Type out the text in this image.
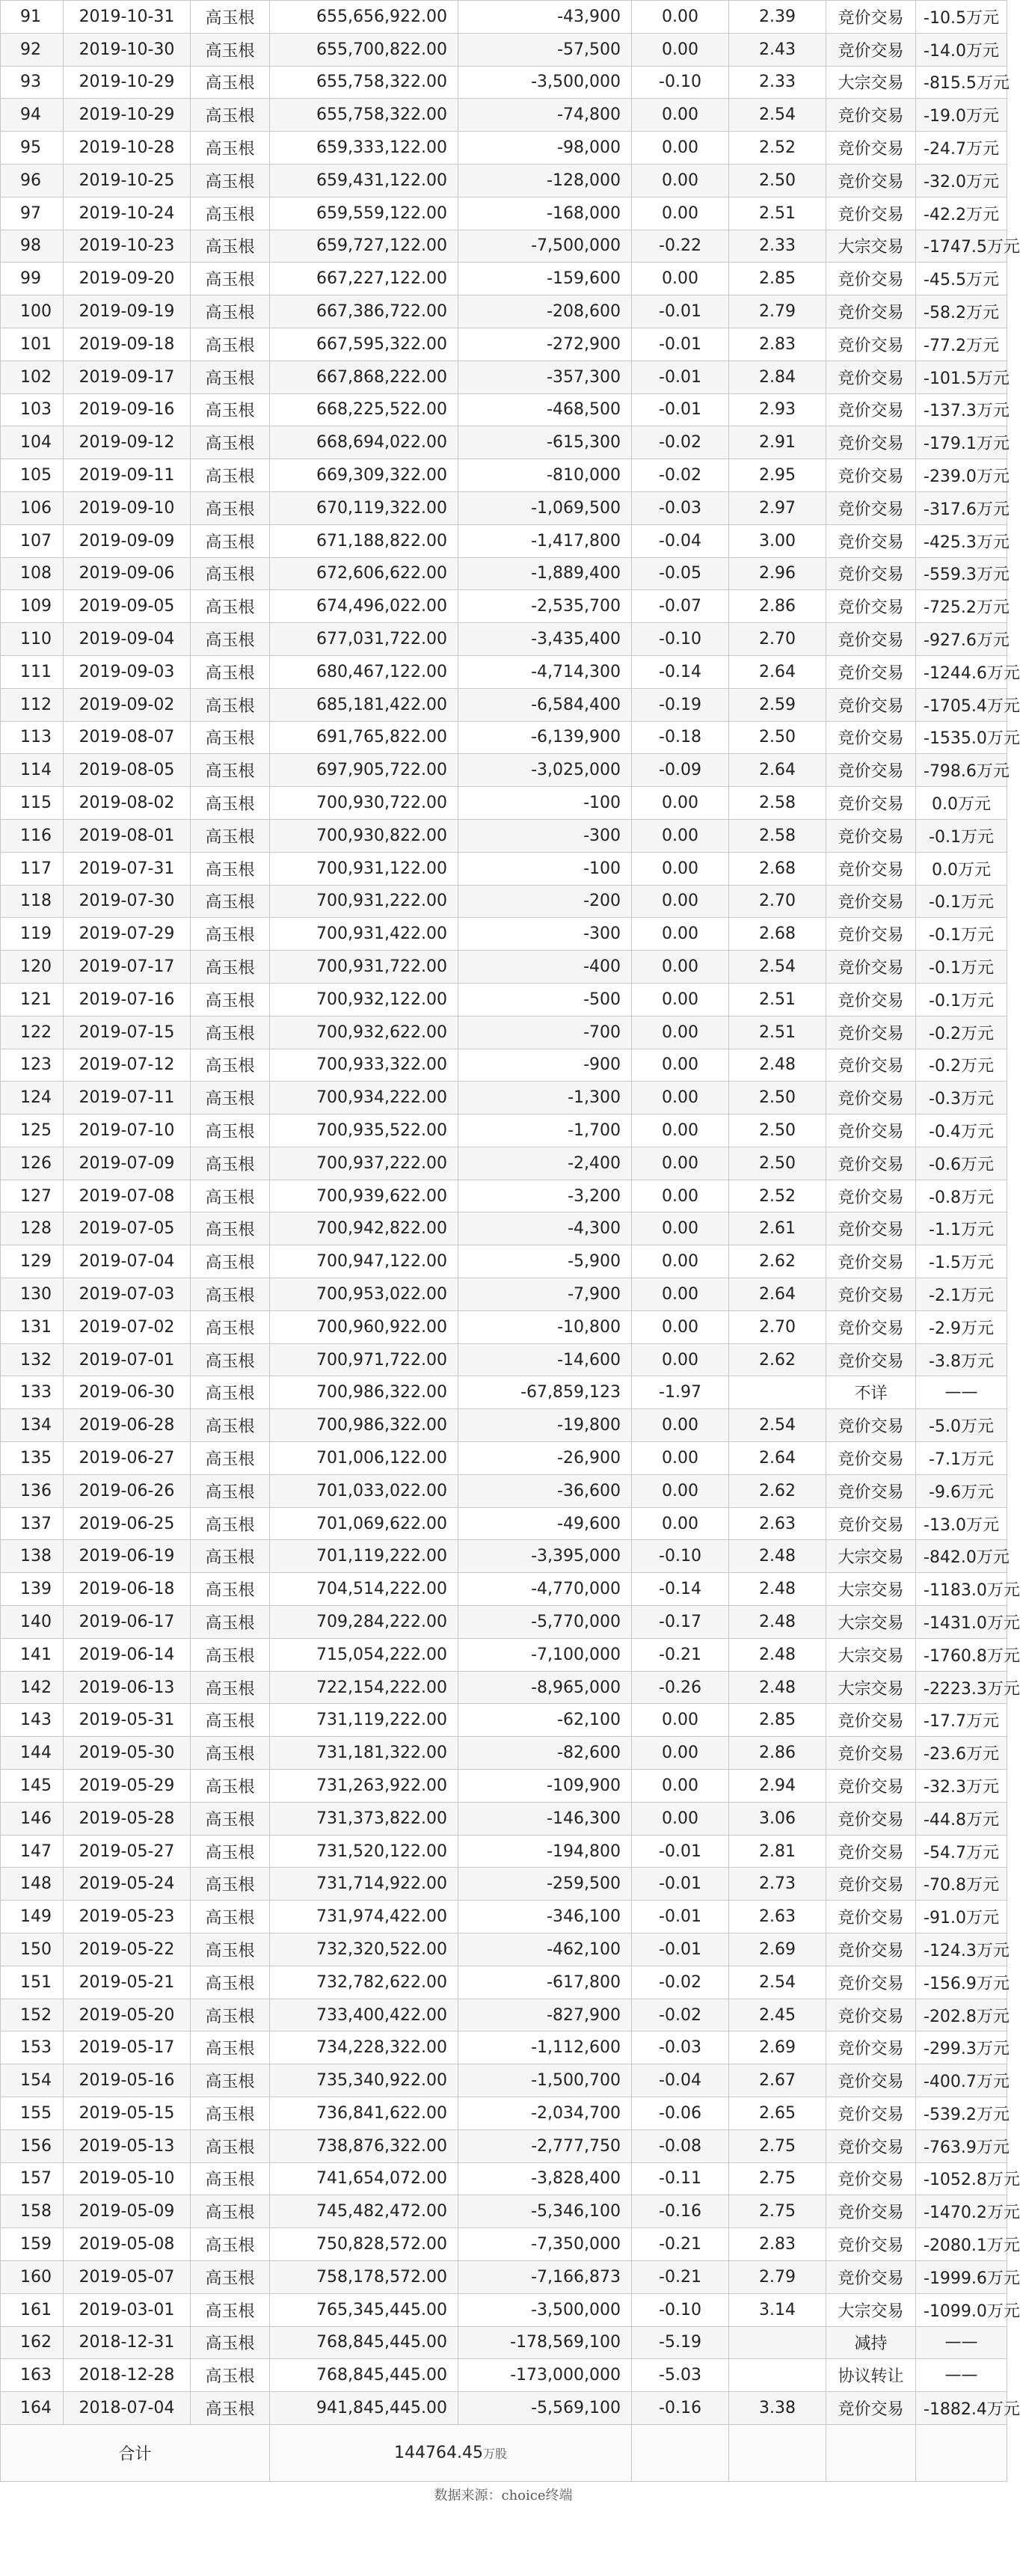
91	2019-10-31	高玉根	655,656,922.00	-43,900	0.00	2.39	竞价交易	-10.5万元
92	2019-10-30	高玉根	655,700,822.00	-57,500	0.00	2.43	竞价交易	-14.0万元
93	2019-10-29	高玉根	655,758,322.00	-3,500,000	-0.10	2.33	大宗交易	-815.5万元
94	2019-10-29	高玉根	655,758,322.00	-74,800	0.00	2.54	竞价交易	-19.0万元
95	2019-10-28	高玉根	659,333,122.00	-98,000	0.00	2.52	竞价交易	-24.7万元
96	2019-10-25	高玉根	659,431,122.00	-128,000	0.00	2.50	竞价交易	-32.0万元
97	2019-10-24	高玉根	659,559,122.00	-168,000	0.00	2.51	竞价交易	-42.2万元
98	2019-10-23	高玉根	659,727,122.00	-7,500,000	-0.22	2.33	大宗交易	-1747.5万元
99	2019-09-20	高玉根	667,227,122.00	-159,600	0.00	2.85	竞价交易	-45.5万元
100	2019-09-19	高玉根	667,386,722.00	-208,600	-0.01	2.79	竞价交易	-58.2万元
101	2019-09-18	高玉根	667,595,322.00	-272,900	-0.01	2.83	竞价交易	-77.2万元
102	2019-09-17	高玉根	667,868,222.00	-357,300	-0.01	2.84	竞价交易	-101.5万元
103	2019-09-16	高玉根	668,225,522.00	-468,500	-0.01	2.93	竞价交易	-137.3万元
104	2019-09-12	高玉根	668,694,022.00	-615,300	-0.02	2.91	竞价交易	-179.1万元
105	2019-09-11	高玉根	669,309,322.00	-810,000	-0.02	2.95	竞价交易	-239.0万元
106	2019-09-10	高玉根	670,119,322.00	-1,069,500	-0.03	2.97	竞价交易	-317.6万元
107	2019-09-09	高玉根	671,188,822.00	-1,417,800	-0.04	3.00	竞价交易	-425.3万元
108	2019-09-06	高玉根	672,606,622.00	-1,889,400	-0.05	2.96	竞价交易	-559.3万元
109	2019-09-05	高玉根	674,496,022.00	-2,535,700	-0.07	2.86	竞价交易	-725.2万元
110	2019-09-04	高玉根	677,031,722.00	-3,435,400	-0.10	2.70	竞价交易	-927.6万元
111	2019-09-03	高玉根	680,467,122.00	-4,714,300	-0.14	2.64	竞价交易	-1244.6万元
112	2019-09-02	高玉根	685,181,422.00	-6,584,400	-0.19	2.59	竞价交易	-1705.4万元
113	2019-08-07	高玉根	691,765,822.00	-6,139,900	-0.18	2.50	竞价交易	-1535.0万元
114	2019-08-05	高玉根	697,905,722.00	-3,025,000	-0.09	2.64	竞价交易	-798.6万元
115	2019-08-02	高玉根	700,930,722.00	-100	0.00	2.58	竞价交易	0.0万元
116	2019-08-01	高玉根	700,930,822.00	-300	0.00	2.58	竞价交易	-0.1万元
117	2019-07-31	高玉根	700,931,122.00	-100	0.00	2.68	竞价交易	0.0万元
118	2019-07-30	高玉根	700,931,222.00	-200	0.00	2.70	竞价交易	-0.1万元
119	2019-07-29	高玉根	700,931,422.00	-300	0.00	2.68	竞价交易	-0.1万元
120	2019-07-17	高玉根	700,931,722.00	-400	0.00	2.54	竞价交易	-0.1万元
121	2019-07-16	高玉根	700,932,122.00	-500	0.00	2.51	竞价交易	-0.1万元
122	2019-07-15	高玉根	700,932,622.00	-700	0.00	2.51	竞价交易	-0.2万元
123	2019-07-12	高玉根	700,933,322.00	-900	0.00	2.48	竞价交易	-0.2万元
124	2019-07-11	高玉根	700,934,222.00	-1,300	0.00	2.50	竞价交易	-0.3万元
125	2019-07-10	高玉根	700,935,522.00	-1,700	0.00	2.50	竞价交易	-0.4万元
126	2019-07-09	高玉根	700,937,222.00	-2,400	0.00	2.50	竞价交易	-0.6万元
127	2019-07-08	高玉根	700,939,622.00	-3,200	0.00	2.52	竞价交易	-0.8万元
128	2019-07-05	高玉根	700,942,822.00	-4,300	0.00	2.61	竞价交易	-1.1万元
129	2019-07-04	高玉根	700,947,122.00	-5,900	0.00	2.62	竞价交易	-1.5万元
130	2019-07-03	高玉根	700,953,022.00	-7,900	0.00	2.64	竞价交易	-2.1万元
131	2019-07-02	高玉根	700,960,922.00	-10,800	0.00	2.70	竞价交易	-2.9万元
132	2019-07-01	高玉根	700,971,722.00	-14,600	0.00	2.62	竞价交易	-3.8万元
133	2019-06-30	高玉根	700,986,322.00	-67,859,123	-1.97		不详	——
134	2019-06-28	高玉根	700,986,322.00	-19,800	0.00	2.54	竞价交易	-5.0万元
135	2019-06-27	高玉根	701,006,122.00	-26,900	0.00	2.64	竞价交易	-7.1万元
136	2019-06-26	高玉根	701,033,022.00	-36,600	0.00	2.62	竞价交易	-9.6万元
137	2019-06-25	高玉根	701,069,622.00	-49,600	0.00	2.63	竞价交易	-13.0万元
138	2019-06-19	高玉根	701,119,222.00	-3,395,000	-0.10	2.48	大宗交易	-842.0万元
139	2019-06-18	高玉根	704,514,222.00	-4,770,000	-0.14	2.48	大宗交易	-1183.0万元
140	2019-06-17	高玉根	709,284,222.00	-5,770,000	-0.17	2.48	大宗交易	-1431.0万元
141	2019-06-14	高玉根	715,054,222.00	-7,100,000	-0.21	2.48	大宗交易	-1760.8万元
142	2019-06-13	高玉根	722,154,222.00	-8,965,000	-0.26	2.48	大宗交易	-2223.3万元
143	2019-05-31	高玉根	731,119,222.00	-62,100	0.00	2.85	竞价交易	-17.7万元
144	2019-05-30	高玉根	731,181,322.00	-82,600	0.00	2.86	竞价交易	-23.6万元
145	2019-05-29	高玉根	731,263,922.00	-109,900	0.00	2.94	竞价交易	-32.3万元
146	2019-05-28	高玉根	731,373,822.00	-146,300	0.00	3.06	竞价交易	-44.8万元
147	2019-05-27	高玉根	731,520,122.00	-194,800	-0.01	2.81	竞价交易	-54.7万元
148	2019-05-24	高玉根	731,714,922.00	-259,500	-0.01	2.73	竞价交易	-70.8万元
149	2019-05-23	高玉根	731,974,422.00	-346,100	-0.01	2.63	竞价交易	-91.0万元
150	2019-05-22	高玉根	732,320,522.00	-462,100	-0.01	2.69	竞价交易	-124.3万元
151	2019-05-21	高玉根	732,782,622.00	-617,800	-0.02	2.54	竞价交易	-156.9万元
152	2019-05-20	高玉根	733,400,422.00	-827,900	-0.02	2.45	竞价交易	-202.8万元
153	2019-05-17	高玉根	734,228,322.00	-1,112,600	-0.03	2.69	竞价交易	-299.3万元
154	2019-05-16	高玉根	735,340,922.00	-1,500,700	-0.04	2.67	竞价交易	-400.7万元
155	2019-05-15	高玉根	736,841,622.00	-2,034,700	-0.06	2.65	竞价交易	-539.2万元
156	2019-05-13	高玉根	738,876,322.00	-2,777,750	-0.08	2.75	竞价交易	-763.9万元
157	2019-05-10	高玉根	741,654,072.00	-3,828,400	-0.11	2.75	竞价交易	-1052.8万元
158	2019-05-09	高玉根	745,482,472.00	-5,346,100	-0.16	2.75	竞价交易	-1470.2万元
159	2019-05-08	高玉根	750,828,572.00	-7,350,000	-0.21	2.83	竞价交易	-2080.1万元
160	2019-05-07	高玉根	758,178,572.00	-7,166,873	-0.21	2.79	竞价交易	-1999.6万元
161	2019-03-01	高玉根	765,345,445.00	-3,500,000	-0.10	3.14	大宗交易	-1099.0万元
162	2018-12-31	高玉根	768,845,445.00	-178,569,100	-5.19		减持	——
163	2018-12-28	高玉根	768,845,445.00	-173,000,000	-5.03		协议转让	——
164	2018-07-04	高玉根	941,845,445.00	-5,569,100	-0.16	3.38	竞价交易	-1882.4万元
合计			144764.45万股					
数据来源：choice终端
